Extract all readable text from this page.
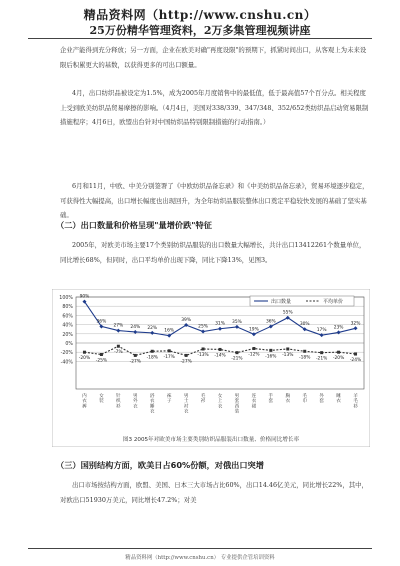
精品资料网（http://www.cnshu.cn）
25万份精华管理资料，2万多集管理视频讲座

企业产能得到充分释放；另一方面，企业在欧美对确"再度设限"的预期下，抓紧时间出口，从客观上为未来设限后积累更大的基数，以获得更多的可出口额量。

4月，出口纺织品被设定为1.5%，成为2005年月度销售中的最低值，低于最高值57个百分点。相关程度上受到欧美纺织品贸易摩擦的影响。（4月4日，美国对338/339、347/348、352/652类纺织品启动贸易限制措施程序；4月6日，欧盟出台针对中国纺织品特别限制措施的行动指南。）

6月和11月，中欧、中美分别签署了《中欧纺织品备忘录》和《中美纺织品备忘录》，贸易环境逐步稳定，可获得性大幅提高，出口增长幅度也出现回升，为全年纺织品服装整体出口奠定平稳较快发展的基础了坚实基础。

（二）出口数量和价格呈现"量增价跌"特征

2005年，对欧美市场主要17个类别纺织品服装的出口数量大幅增长，共计出口13412261个数量单位，同比增长68%，但同时，出口平均单价出现下降，同比下降13%，见图3。

100%
80%
60%
40%
20%
0%
-20%
-40%
内衣裤
女装
针织衫
男外衣
浴衣睡衣
袜子
男士衬衣
毛衫
女上衣
男套西装
连衣裙
手套
胸衣
毛巾
外套
睡衣
羊毛衫
90%
36%
27% 24% 22%
16%
39%
25%
31% 35%
19%
36%
55%
30%
17%
23%
32%
-20% -25%
-7%
-27%
-18% -17%
-27%
-13% -14%
-21%
-12% -16% -13% -18% -21% -20% -24%
出口数量	平均单价
图3 2005年对欧美市场主要类别纺织品服装出口数量、价格同比增长率

（三）国别结构方面，欧美日占60%份额，对俄出口突增

出口市场按结构方面，欧盟、美国、日本三大市场占比60%，出口14.46亿美元，同比增长22%，其中，对欧出口51930万美元，同比增长47.2%；对美

精品资料网（http://www.cnshu.cn） 专业提供企管培训资料
